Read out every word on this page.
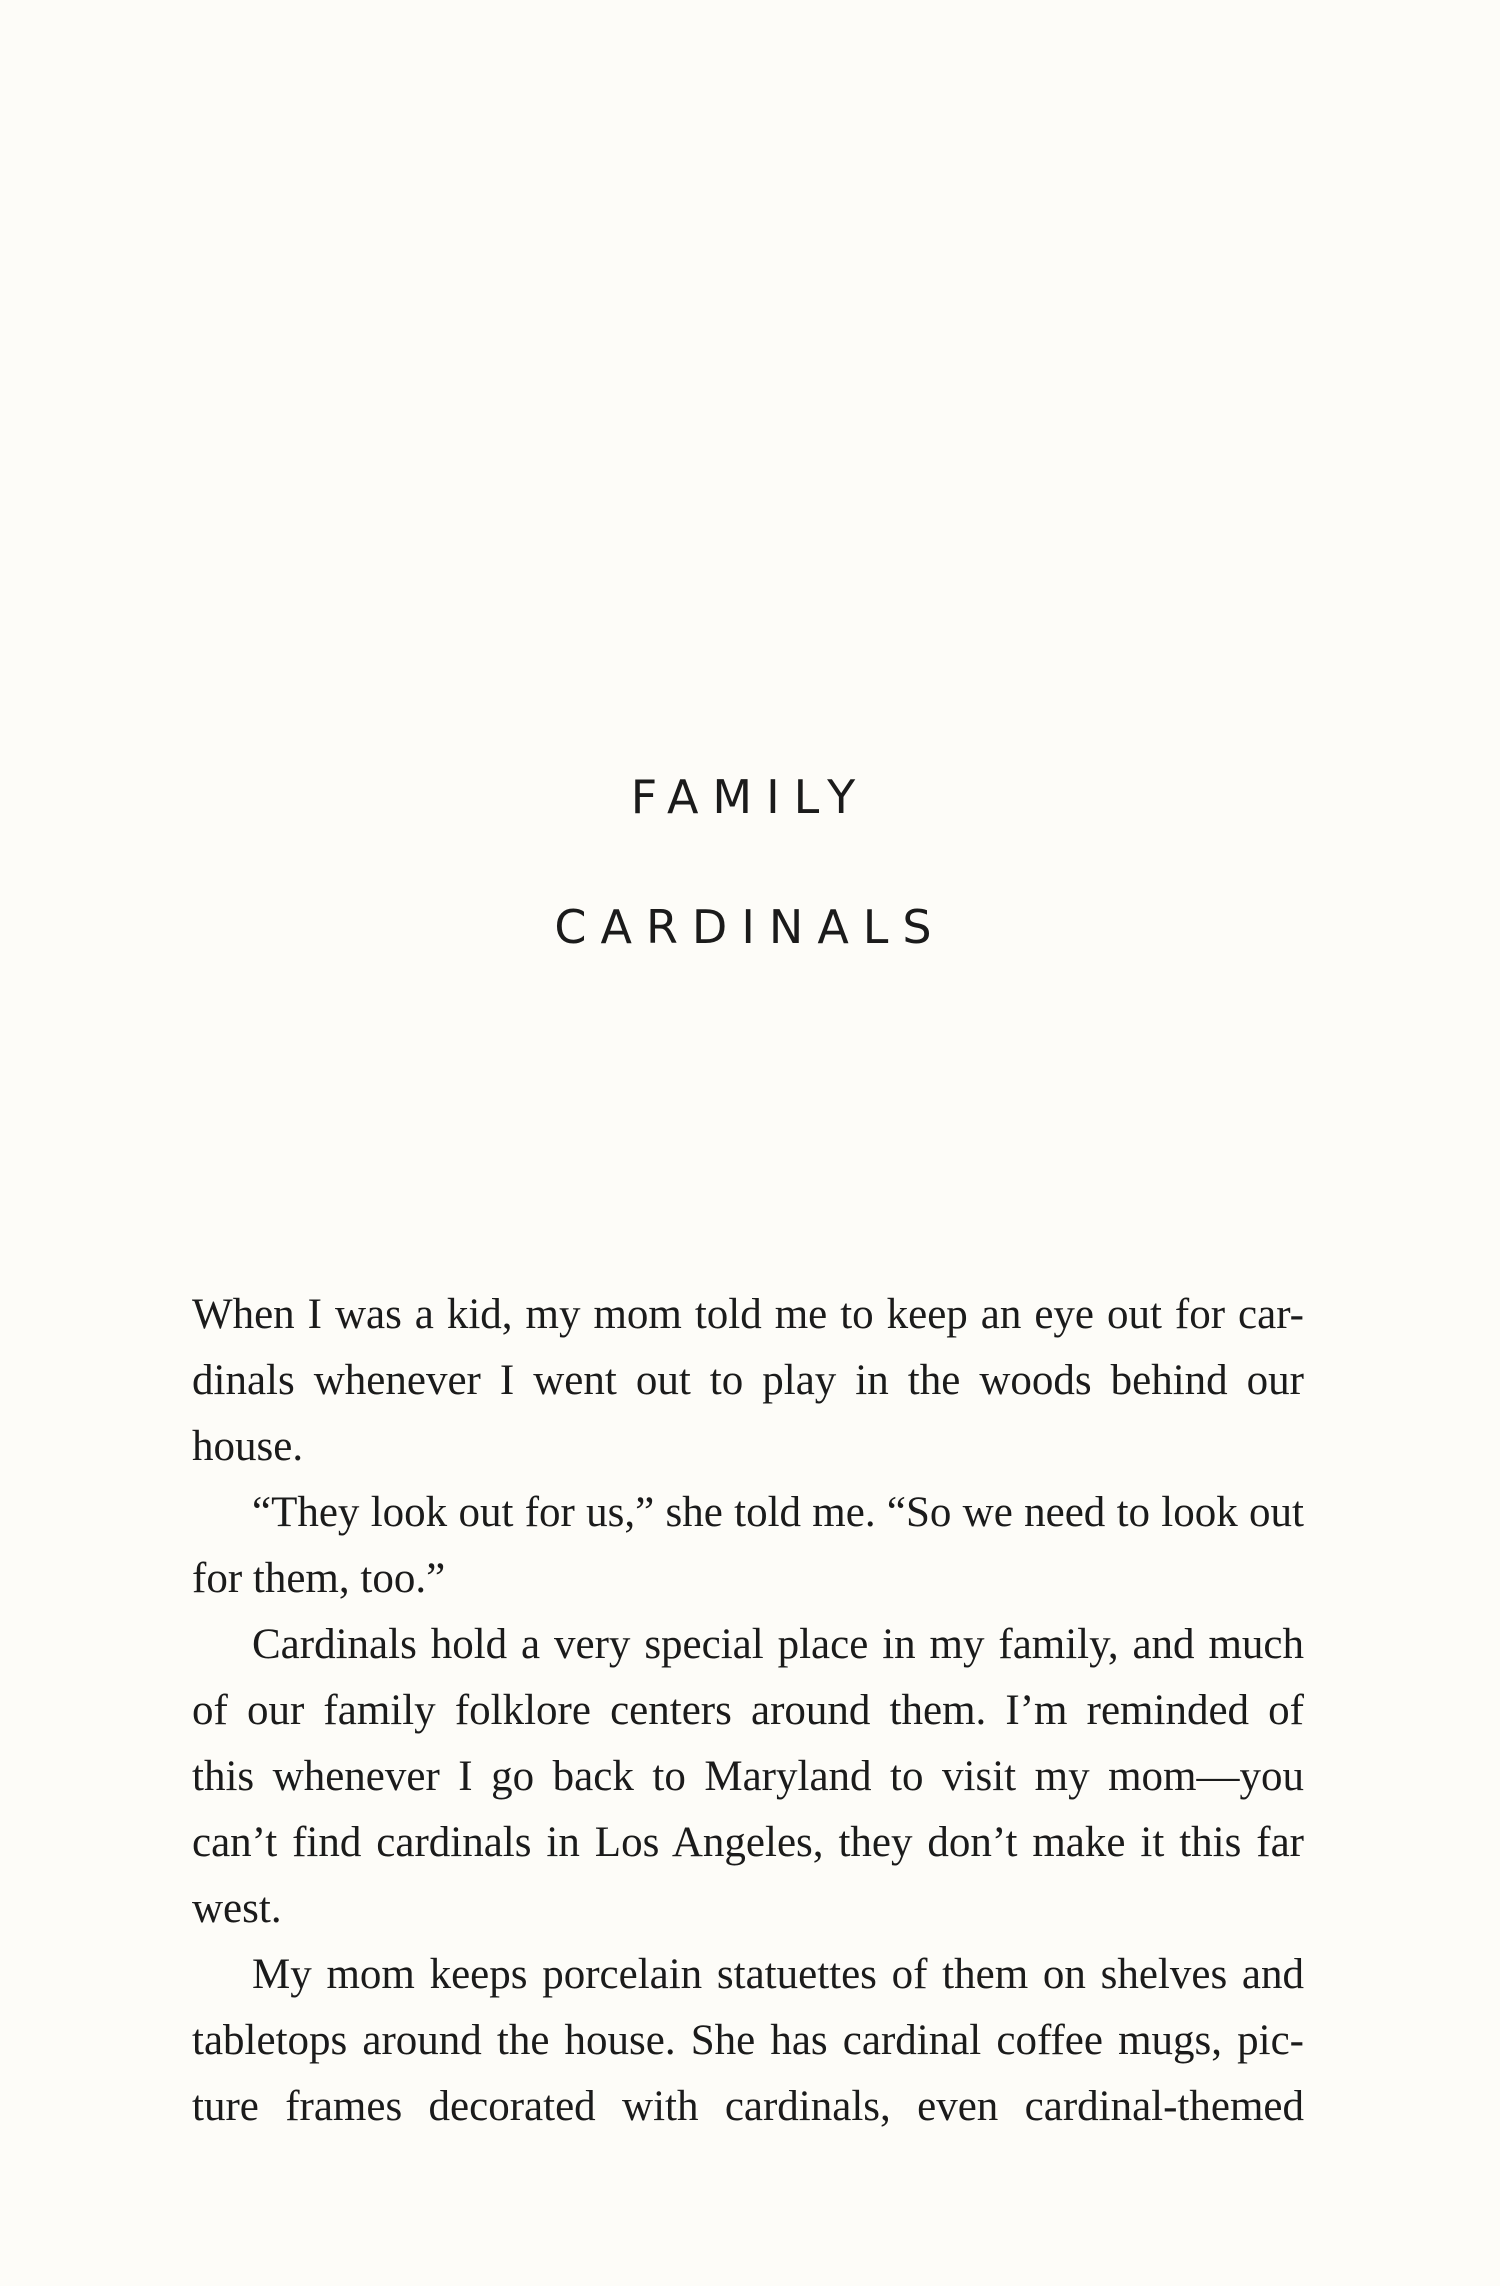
FAMILY
CARDINALS

When I was a kid, my mom told me to keep an eye out for car-
dinals whenever I went out to play in the woods behind our
house.

“They look out for us,” she told me. “So we need to look out
for them, too.”

Cardinals hold a very special place in my family, and much
of our family folklore centers around them. I’m reminded of
this whenever I go back to Maryland to visit my mom—you
can’t find cardinals in Los Angeles, they don’t make it this far
west.

My mom keeps porcelain statuettes of them on shelves and
tabletops around the house. She has cardinal coffee mugs, pic-
ture frames decorated with cardinals, even cardinal-themed
